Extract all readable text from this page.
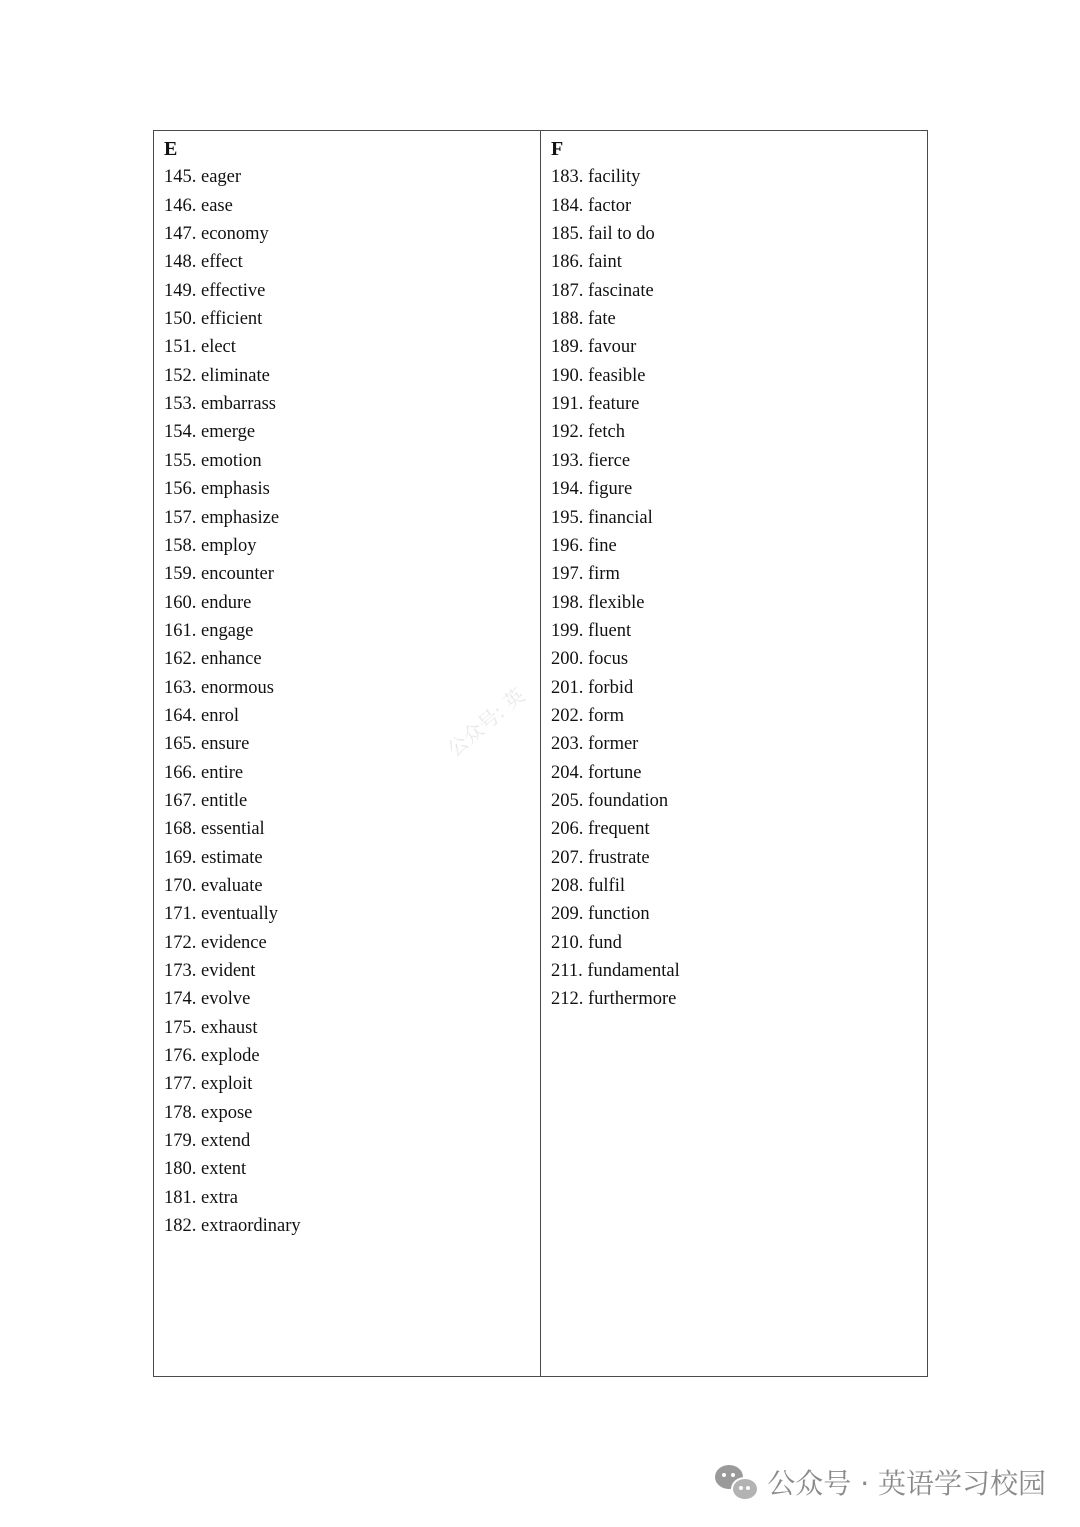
E
145. eager
146. ease
147. economy
148. effect
149. effective
150. efficient
151. elect
152. eliminate
153. embarrass
154. emerge
155. emotion
156. emphasis
157. emphasize
158. employ
159. encounter
160. endure
161. engage
162. enhance
163. enormous
164. enrol
165. ensure
166. entire
167. entitle
168. essential
169. estimate
170. evaluate
171. eventually
172. evidence
173. evident
174. evolve
175. exhaust
176. explode
177. exploit
178. expose
179. extend
180. extent
181. extra
182. extraordinary
F
183. facility
184. factor
185. fail to do
186. faint
187. fascinate
188. fate
189. favour
190. feasible
191. feature
192. fetch
193. fierce
194. figure
195. financial
196. fine
197. firm
198. flexible
199. fluent
200. focus
201. forbid
202. form
203. former
204. fortune
205. foundation
206. frequent
207. frustrate
208. fulfil
209. function
210. fund
211. fundamental
212. furthermore
公众号: 英
公众号 · 英语学习校园
